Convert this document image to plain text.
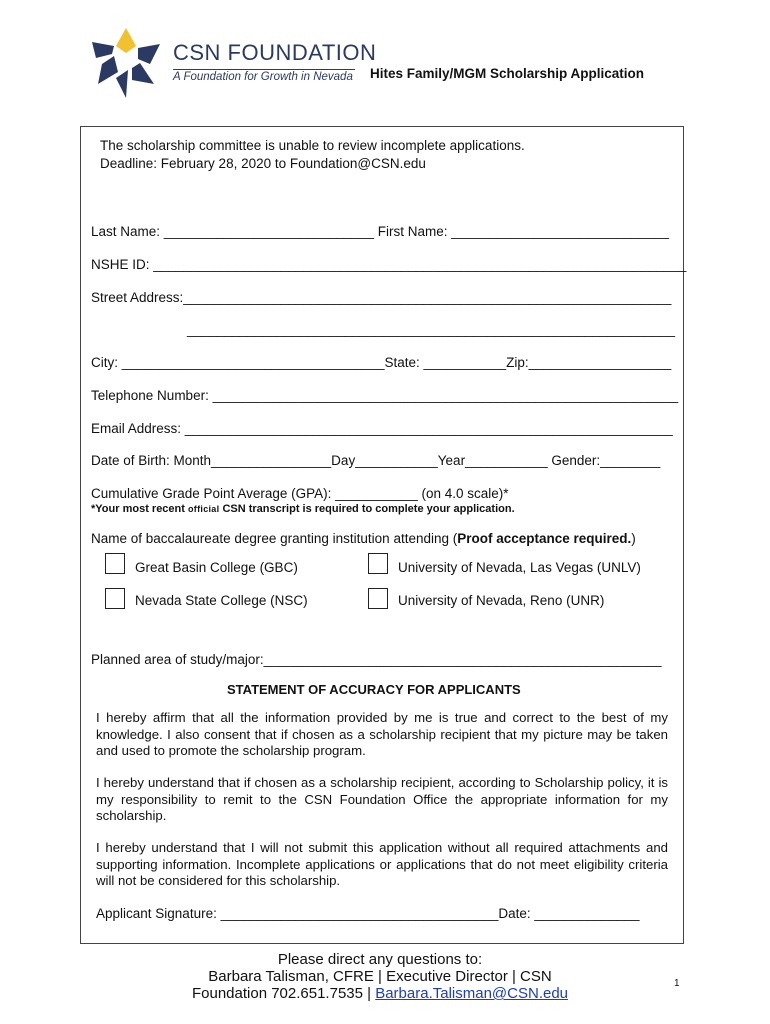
CSN FOUNDATION
A Foundation for Growth in Nevada Hites Family/MGM Scholarship Application
The scholarship committee is unable to review incomplete applications.
Deadline: February 28, 2020 to Foundation@CSN.edu
Last Name: ____________________________ First Name: _____________________________
NSHE ID: _______________________________________________________________________
Street Address:_________________________________________________________________
_________________________________________________________________
City: ___________________________________State: ___________Zip:___________________
Telephone Number: ______________________________________________________________
Email Address: _________________________________________________________________
Date of Birth: Month________________Day___________Year___________ Gender:________
Cumulative Grade Point Average (GPA): ___________ (on 4.0 scale)*
*Your most recent official CSN transcript is required to complete your application.
Name of baccalaureate degree granting institution attending (Proof acceptance required.)
Great Basin College (GBC)	University of Nevada, Las Vegas (UNLV)
Nevada State College (NSC)	University of Nevada, Reno (UNR)
Planned area of study/major:_____________________________________________________
STATEMENT OF ACCURACY FOR APPLICANTS
I hereby affirm that all the information provided by me is true and correct to the best of my knowledge. I also consent that if chosen as a scholarship recipient that my picture may be taken and used to promote the scholarship program.
I hereby understand that if chosen as a scholarship recipient, according to Scholarship policy, it is my responsibility to remit to the CSN Foundation Office the appropriate information for my scholarship.
I hereby understand that I will not submit this application without all required attachments and supporting information. Incomplete applications or applications that do not meet eligibility criteria will not be considered for this scholarship.
Applicant Signature: _____________________________________Date: ______________
Please direct any questions to:
Barbara Talisman, CFRE | Executive Director | CSN
Foundation 702.651.7535 | Barbara.Talisman@CSN.edu
1
